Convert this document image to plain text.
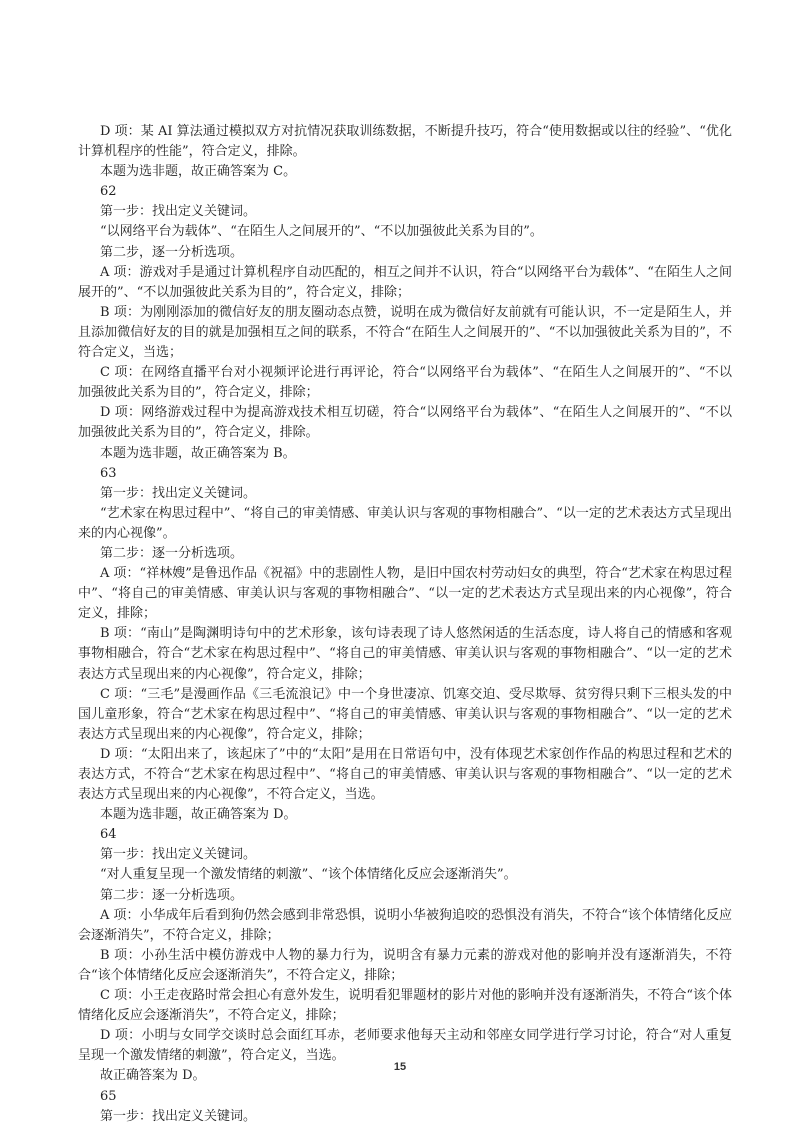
D 项：某 AI 算法通过模拟双方对抗情况获取训练数据，不断提升技巧，符合“使用数据或以往的经验”、“优化计算机程序的性能”，符合定义，排除。

本题为选非题，故正确答案为 C。

62

第一步：找出定义关键词。

“以网络平台为载体”、“在陌生人之间展开的”、“不以加强彼此关系为目的”。

第二步，逐一分析选项。

A 项：游戏对手是通过计算机程序自动匹配的，相互之间并不认识，符合“以网络平台为载体”、“在陌生人之间展开的”、“不以加强彼此关系为目的”，符合定义，排除；

B 项：为刚刚添加的微信好友的朋友圈动态点赞，说明在成为微信好友前就有可能认识，不一定是陌生人，并且添加微信好友的目的就是加强相互之间的联系，不符合“在陌生人之间展开的”、“不以加强彼此关系为目的”，不符合定义，当选；

C 项：在网络直播平台对小视频评论进行再评论，符合“以网络平台为载体”、“在陌生人之间展开的”、“不以加强彼此关系为目的”，符合定义，排除；

D 项：网络游戏过程中为提高游戏技术相互切磋，符合“以网络平台为载体”、“在陌生人之间展开的”、“不以加强彼此关系为目的”，符合定义，排除。

本题为选非题，故正确答案为 B。

63

第一步：找出定义关键词。

“艺术家在构思过程中”、“将自己的审美情感、审美认识与客观的事物相融合”、“以一定的艺术表达方式呈现出来的内心视像”。

第二步：逐一分析选项。

A 项：“祥林嫂”是鲁迅作品《祝福》中的悲剧性人物，是旧中国农村劳动妇女的典型，符合“艺术家在构思过程中”、“将自己的审美情感、审美认识与客观的事物相融合”、“以一定的艺术表达方式呈现出来的内心视像”，符合定义，排除；

B 项：“南山”是陶渊明诗句中的艺术形象，该句诗表现了诗人悠然闲适的生活态度，诗人将自己的情感和客观事物相融合，符合“艺术家在构思过程中”、“将自己的审美情感、审美认识与客观的事物相融合”、“以一定的艺术表达方式呈现出来的内心视像”，符合定义，排除；

C 项：“三毛”是漫画作品《三毛流浪记》中一个身世凄凉、饥寒交迫、受尽欺辱、贫穷得只剩下三根头发的中国儿童形象，符合“艺术家在构思过程中”、“将自己的审美情感、审美认识与客观的事物相融合”、“以一定的艺术表达方式呈现出来的内心视像”，符合定义，排除；

D 项：“太阳出来了，该起床了”中的“太阳”是用在日常语句中，没有体现艺术家创作作品的构思过程和艺术的表达方式，不符合“艺术家在构思过程中”、“将自己的审美情感、审美认识与客观的事物相融合”、“以一定的艺术表达方式呈现出来的内心视像”，不符合定义，当选。

本题为选非题，故正确答案为 D。

64

第一步：找出定义关键词。

“对人重复呈现一个激发情绪的刺激”、“该个体情绪化反应会逐渐消失”。

第二步：逐一分析选项。

A 项：小华成年后看到狗仍然会感到非常恐惧，说明小华被狗追咬的恐惧没有消失，不符合“该个体情绪化反应会逐渐消失”，不符合定义，排除；

B 项：小孙生活中模仿游戏中人物的暴力行为，说明含有暴力元素的游戏对他的影响并没有逐渐消失，不符合“该个体情绪化反应会逐渐消失”，不符合定义，排除；

C 项：小王走夜路时常会担心有意外发生，说明看犯罪题材的影片对他的影响并没有逐渐消失，不符合“该个体情绪化反应会逐渐消失”，不符合定义，排除；

D 项：小明与女同学交谈时总会面红耳赤，老师要求他每天主动和邻座女同学进行学习讨论，符合“对人重复呈现一个激发情绪的刺激”，符合定义，当选。

故正确答案为 D。

65

第一步：找出定义关键词。

15
